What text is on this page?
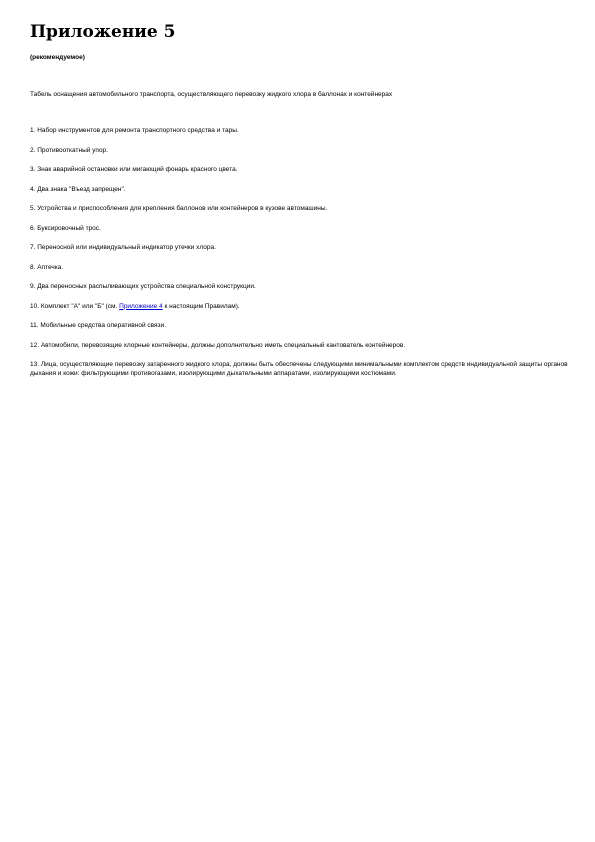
Приложение 5
(рекомендуемое)
Табель оснащения автомобильного транспорта, осуществляющего перевозку жидкого хлора в баллонах и контейнерах
1. Набор инструментов для ремонта транспортного средства и тары.
2. Противооткатный упор.
3. Знак аварийной остановки или мигающий фонарь красного цвета.
4. Два знака "Въезд запрещен".
5. Устройства и приспособления для крепления баллонов или контейнеров в кузове автомашины.
6. Буксировочный трос.
7. Переносной или индивидуальный индикатор утечки хлора.
8. Аптечка.
9. Два переносных распыливающих устройства специальной конструкции.
10. Комплект "А" или "Б" (см. Приложение 4 к настоящим Правилам).
11. Мобильные средства оперативной связи.
12. Автомобили, перевозящие хлорные контейнеры, должны дополнительно иметь специальный кантователь контейнеров.
13. Лица, осуществляющие перевозку затаренного жидкого хлора, должны быть обеспечены следующими минимальными комплектом средств индивидуальной защиты органов дыхания и кожи: фильтрующими противогазами, изолирующими дыхательными аппаратами, изолирующими костюмами.
